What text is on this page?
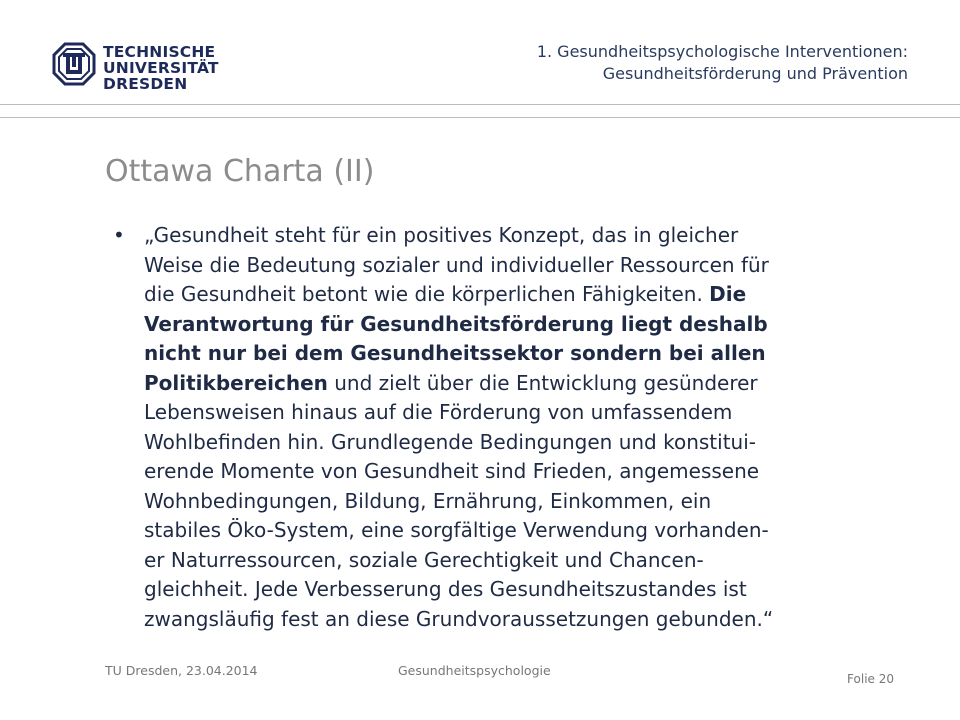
TECHNISCHE
UNIVERSITÄT
DRESDEN
1. Gesundheitspsychologische Interventionen:
Gesundheitsförderung und Prävention
Ottawa Charta (II)
• „Gesundheit steht für ein positives Konzept, das in gleicher
Weise die Bedeutung sozialer und individueller Ressourcen für
die Gesundheit betont wie die körperlichen Fähigkeiten. Die
Verantwortung für Gesundheitsförderung liegt deshalb
nicht nur bei dem Gesundheitssektor sondern bei allen
Politikbereichen und zielt über die Entwicklung gesünderer
Lebensweisen hinaus auf die Förderung von umfassendem
Wohlbefinden hin. Grundlegende Bedingungen und konstitui-
erende Momente von Gesundheit sind Frieden, angemessene
Wohnbedingungen, Bildung, Ernährung, Einkommen, ein
stabiles Öko-System, eine sorgfältige Verwendung vorhanden-
er Naturressourcen, soziale Gerechtigkeit und Chancen-
gleichheit. Jede Verbesserung des Gesundheitszustandes ist
zwangsläufig fest an diese Grundvoraussetzungen gebunden.“
TU Dresden, 23.04.2014	Gesundheitspsychologie
Folie 20
